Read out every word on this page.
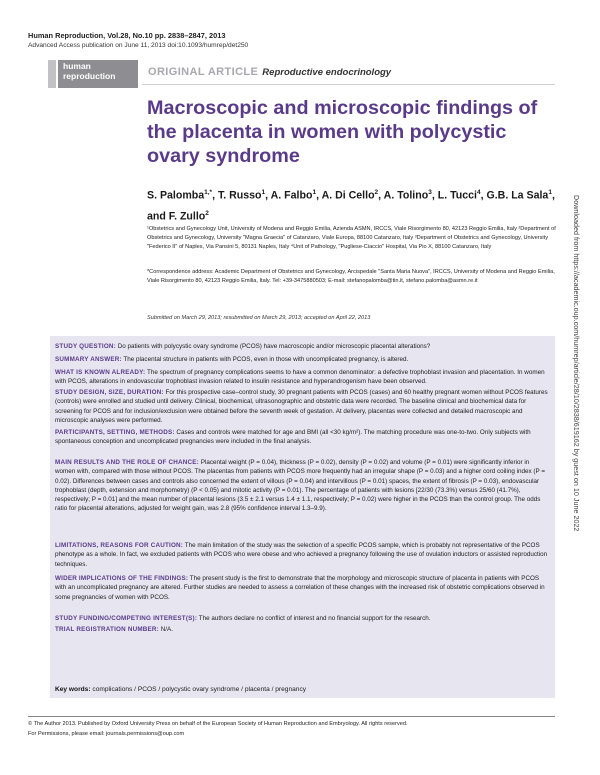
Human Reproduction, Vol.28, No.10 pp. 2838–2847, 2013
Advanced Access publication on June 11, 2013 doi:10.1093/humrep/det250
human
reproduction	ORIGINAL ARTICLE Reproductive endocrinology
Macroscopic and microscopic findings of the placenta in women with polycystic ovary syndrome
S. Palomba$^{1,*}$, T. Russo$^1$, A. Falbo$^1$, A. Di Cello$^2$, A. Tolino$^3$, L. Tucci$^4$, G.B. La Sala$^1$, and F. Zullo$^2$
¹Obstetrics and Gynecology Unit, University of Modena and Reggio Emilia, Azienda ASMN, IRCCS, Viale Risorgimento 80, 42123 Reggio Emilia, Italy ²Department of Obstetrics and Gynecology, University "Magna Graecia" of Catanzaro, Viale Europa, 88100 Catanzaro, Italy ³Department of Obstetrics and Gynecology, University "Federico II" of Naples, Via Pansini 5, 80131 Naples, Italy ⁴Unit of Pathology, "Pugliese-Ciaccio" Hospital, Via Pio X, 88100 Catanzaro, Italy
*Correspondence address: Academic Department of Obstetrics and Gynecology, Arcispedale "Santa Maria Nuova", IRCCS, University of Modena and Reggio Emilia, Viale Risorgimento 80, 42123 Reggio Emilia, Italy. Tel: +39-3475880503; E-mail: stefanopalomba@tin.it, stefano.palomba@asmn.re.it
Submitted on March 29, 2013; resubmitted on March 29, 2013; accepted on April 22, 2013
STUDY QUESTION: Do patients with polycystic ovary syndrome (PCOS) have macroscopic and/or microscopic placental alterations?
SUMMARY ANSWER: The placental structure in patients with PCOS, even in those with uncomplicated pregnancy, is altered.
WHAT IS KNOWN ALREADY: The spectrum of pregnancy complications seems to have a common denominator: a defective trophoblast invasion and placentation. In women with PCOS, alterations in endovascular trophoblast invasion related to insulin resistance and hyperandrogenism have been observed.
STUDY DESIGN, SIZE, DURATION: For this prospective case–control study, 30 pregnant patients with PCOS (cases) and 60 healthy pregnant women without PCOS features (controls) were enrolled and studied until delivery. Clinical, biochemical, ultrasonographic and obstetric data were recorded. The baseline clinical and biochemical data for screening for PCOS and for inclusion/exclusion were obtained before the seventh week of gestation. At delivery, placentas were collected and detailed macroscopic and microscopic analyses were performed.
PARTICIPANTS, SETTING, METHODS: Cases and controls were matched for age and BMI (all <30 kg/m²). The matching procedure was one-to-two. Only subjects with spontaneous conception and uncomplicated pregnancies were included in the final analysis.
MAIN RESULTS AND THE ROLE OF CHANCE: Placental weight (P = 0.04), thickness (P = 0.02), density (P = 0.02) and volume (P = 0.01) were significantly inferior in women with, compared with those without PCOS. The placentas from patients with PCOS more frequently had an irregular shape (P = 0.03) and a higher cord coiling index (P = 0.02). Differences between cases and controls also concerned the extent of villous (P = 0.04) and intervillous (P = 0.01) spaces, the extent of fibrosis (P = 0.03), endovascular trophoblast (depth, extension and morphometry) (P < 0.05) and mitotic activity (P = 0.01). The percentage of patients with lesions [22/30 (73.3%) versus 25/60 (41.7%), respectively; P = 0.01] and the mean number of placental lesions (3.5 ± 2.1 versus 1.4 ± 1.1, respectively; P = 0.02) were higher in the PCOS than the control group. The odds ratio for placental alterations, adjusted for weight gain, was 2.8 (95% confidence interval 1.3–9.9).
LIMITATIONS, REASONS FOR CAUTION: The main limitation of the study was the selection of a specific PCOS sample, which is probably not representative of the PCOS phenotype as a whole. In fact, we excluded patients with PCOS who were obese and who achieved a pregnancy following the use of ovulation inductors or assisted reproduction techniques.
WIDER IMPLICATIONS OF THE FINDINGS: The present study is the first to demonstrate that the morphology and microscopic structure of placenta in patients with PCOS with an uncomplicated pregnancy are altered. Further studies are needed to assess a correlation of these changes with the increased risk of obstetric complications observed in some pregnancies of women with PCOS.
STUDY FUNDING/COMPETING INTEREST(S): The authors declare no conflict of interest and no financial support for the research.
TRIAL REGISTRATION NUMBER: N/A.
Key words: complications / PCOS / polycystic ovary syndrome / placenta / pregnancy
© The Author 2013. Published by Oxford University Press on behalf of the European Society of Human Reproduction and Embryology. All rights reserved.
For Permissions, please email: journals.permissions@oup.com
Downloaded from https://academic.oup.com/humrep/article/28/10/2838/619162 by guest on 10 June 2022
